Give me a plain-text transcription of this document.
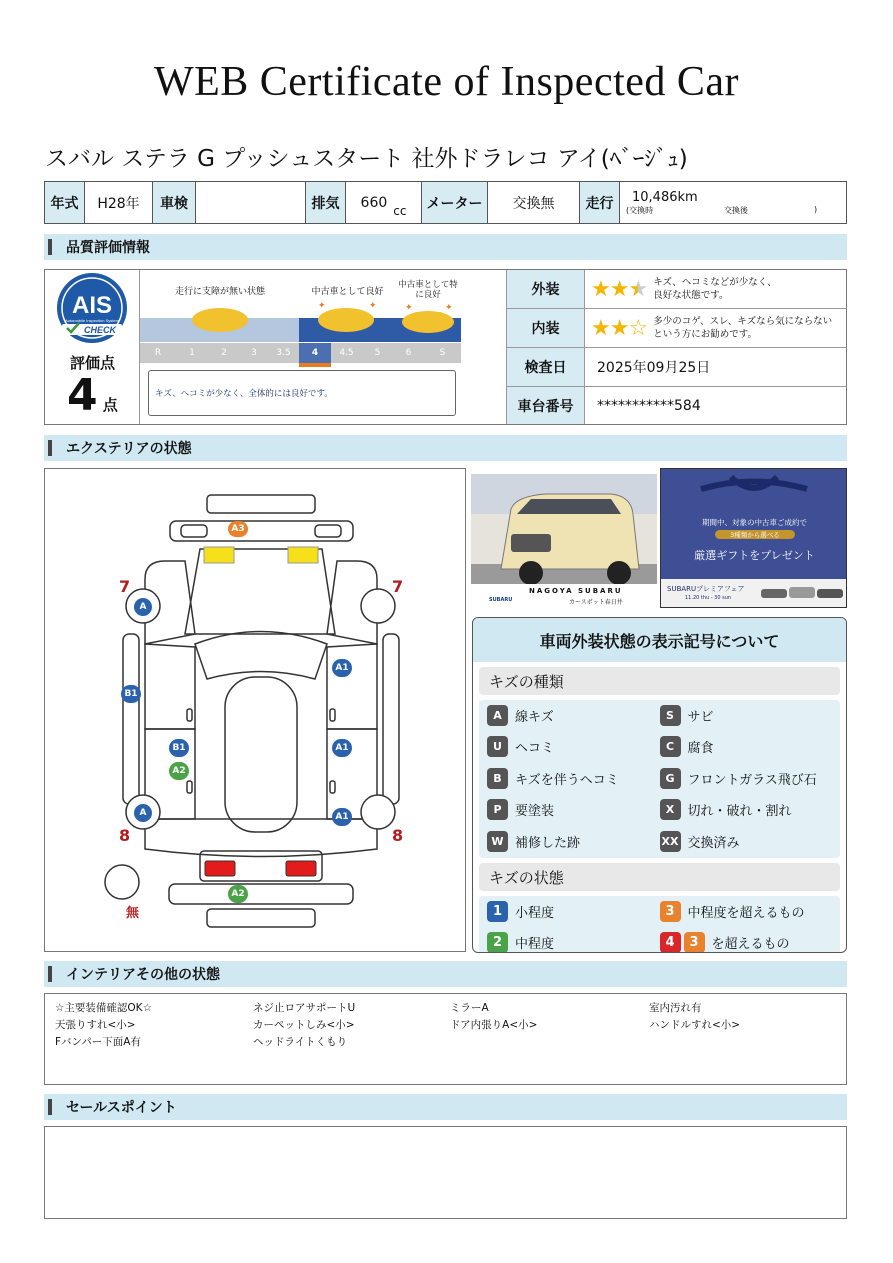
WEB Certificate of Inspected Car
スバル ステラ G プッシュスタート 社外ドラレコ アイ(ﾍﾞｰｼﾞｭ)
年式	H28年	車検	排気	660 cc	メーター	交換無	走行	10,486km
(交換時	交換後	)
品質評価情報
AIS
Automobile Inspection System
CHECK
評価点
4 点
走行に支障が無い状態	中古車として良好
中古車として特に良好
✦	✦	✦	✦
R	1	2	3	3.5	4	4.5	5	6	S
キズ、ヘコミが少なく、全体的には良好です。
外装	★★★ キズ、ヘコミなどが少なく、
良好な状態です。
内装	★★☆ 多少のコゲ、スレ、キズなら気にならない
という方にお勧めです。
検査日	2025年09月25日
車台番号	***********584
エクステリアの状態
7	7
8	8
無
A3
A
B1
A1
B1
A2
A1
A	A1
A2
NAGOYA SUBARU
カースポット春日井
SUBARU
期間中、対象の中古車ご成約で
3種類から選べる
厳選ギフトをプレゼント
SUBARUプレミアフェア
11.20 thu - 30 sun
車両外装状態の表示記号について
キズの種類
A	線キズ	S	サビ
U	ヘコミ	C	腐食
B	キズを伴うヘコミ	G フロントガラス飛び石
P	要塗装	X	切れ・破れ・割れ
W 補修した跡	XX 交換済み
キズの状態
1 小程度	3 中程度を超えるもの
2 中程度	4	3 を超えるもの
インテリアその他の状態
☆主要装備確認OK☆	ネジ止ロアサポートU	ミラーA	室内汚れ有
天張りすれ<小>	カーペットしみ<小>	ドア内張りA<小>	ハンドルすれ<小>
Fバンパー下面A有	ヘッドライトくもり
セールスポイント
